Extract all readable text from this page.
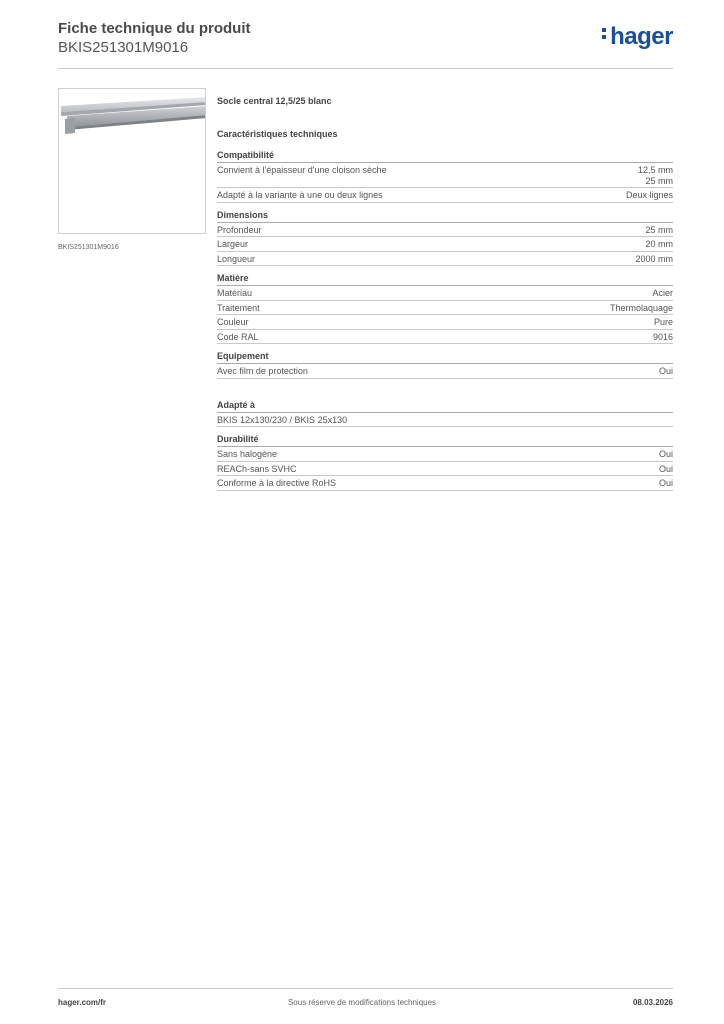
Fiche technique du produit
BKIS251301M9016	hager
BKIS251301M9016
Socle central 12,5/25 blanc
Caractéristiques techniques
Compatibilité
Convient à l'épaisseur d'une cloison sèche	12,5 mm
25 mm
Adapté à la variante à une ou deux lignes	Deux lignes
Dimensions
Profondeur	25 mm
Largeur	20 mm
Longueur	2000 mm
Matière
Matériau	Acier
Traitement	Thermolaquage
Couleur	Pure
Code RAL	9016
Equipement
Avec film de protection	Oui
Adapté à
BKIS 12x130/230 / BKIS 25x130
Durabilité
Sans halogène	Oui
REACh-sans SVHC	Oui
Conforme à la directive RoHS	Oui
hager.com/fr	Sous réserve de modifications techniques	08.03.2026
